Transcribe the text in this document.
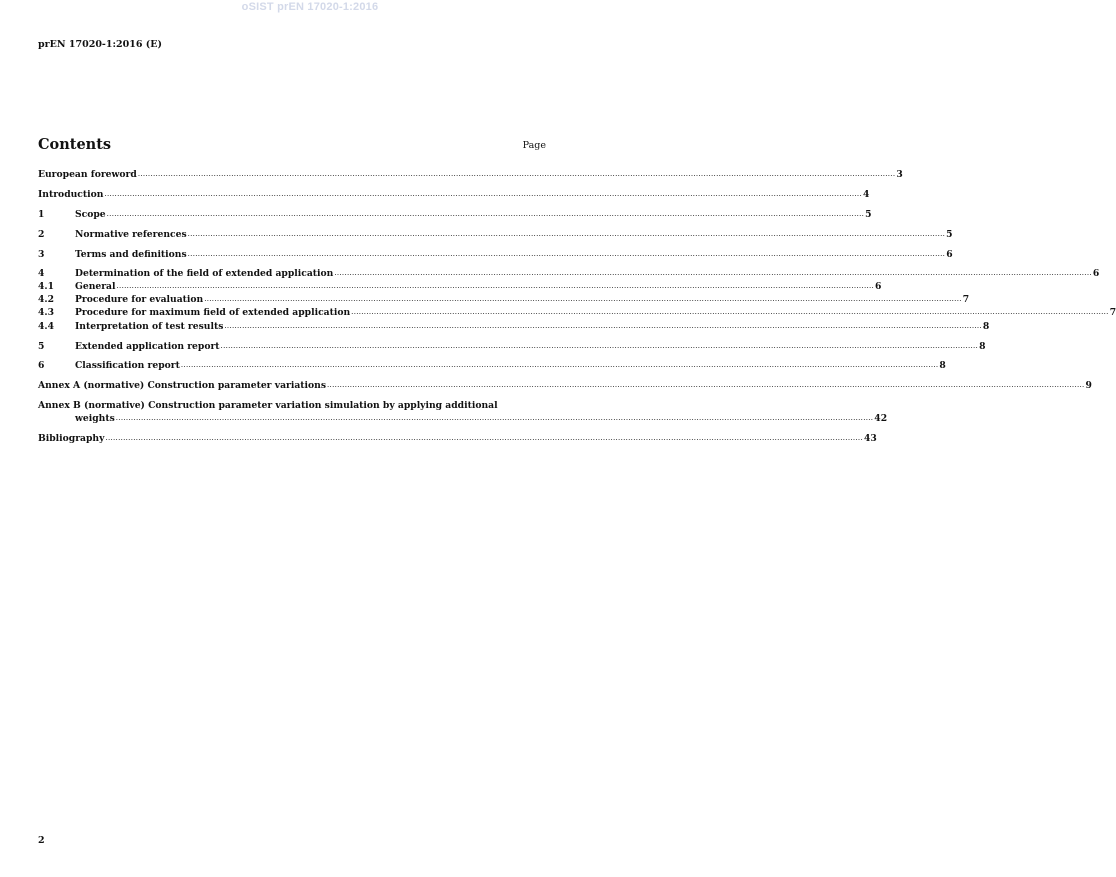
oSIST prEN 17020-1:2016
prEN 17020-1:2016 (E)
Contents	Page
European foreword ............................................................................................................................................................................................................................................................................................................ 3
Introduction ............................................................................................................................................................................................................................................................................................................ 4
1	Scope ............................................................................................................................................................................................................................................................................................................ 5
2	Normative references ............................................................................................................................................................................................................................................................................................................ 5
3	Terms and definitions ............................................................................................................................................................................................................................................................................................................ 6
4	Determination of the field of extended application ............................................................................................................................................................................................................................................................................................................ 6
4.1	General ............................................................................................................................................................................................................................................................................................................ 6
4.2	Procedure for evaluation ............................................................................................................................................................................................................................................................................................................ 7
4.3	Procedure for maximum field of extended application ............................................................................................................................................................................................................................................................................................................ 7
4.4	Interpretation of test results ............................................................................................................................................................................................................................................................................................................ 8
5	Extended application report ............................................................................................................................................................................................................................................................................................................ 8
6	Classification report ............................................................................................................................................................................................................................................................................................................ 8
Annex A (normative) Construction parameter variations ............................................................................................................................................................................................................................................................................................................ 9
Annex B (normative) Construction parameter variation simulation by applying additional
weights ............................................................................................................................................................................................................................................................................................................ 42
Bibliography ............................................................................................................................................................................................................................................................................................................ 43
2
